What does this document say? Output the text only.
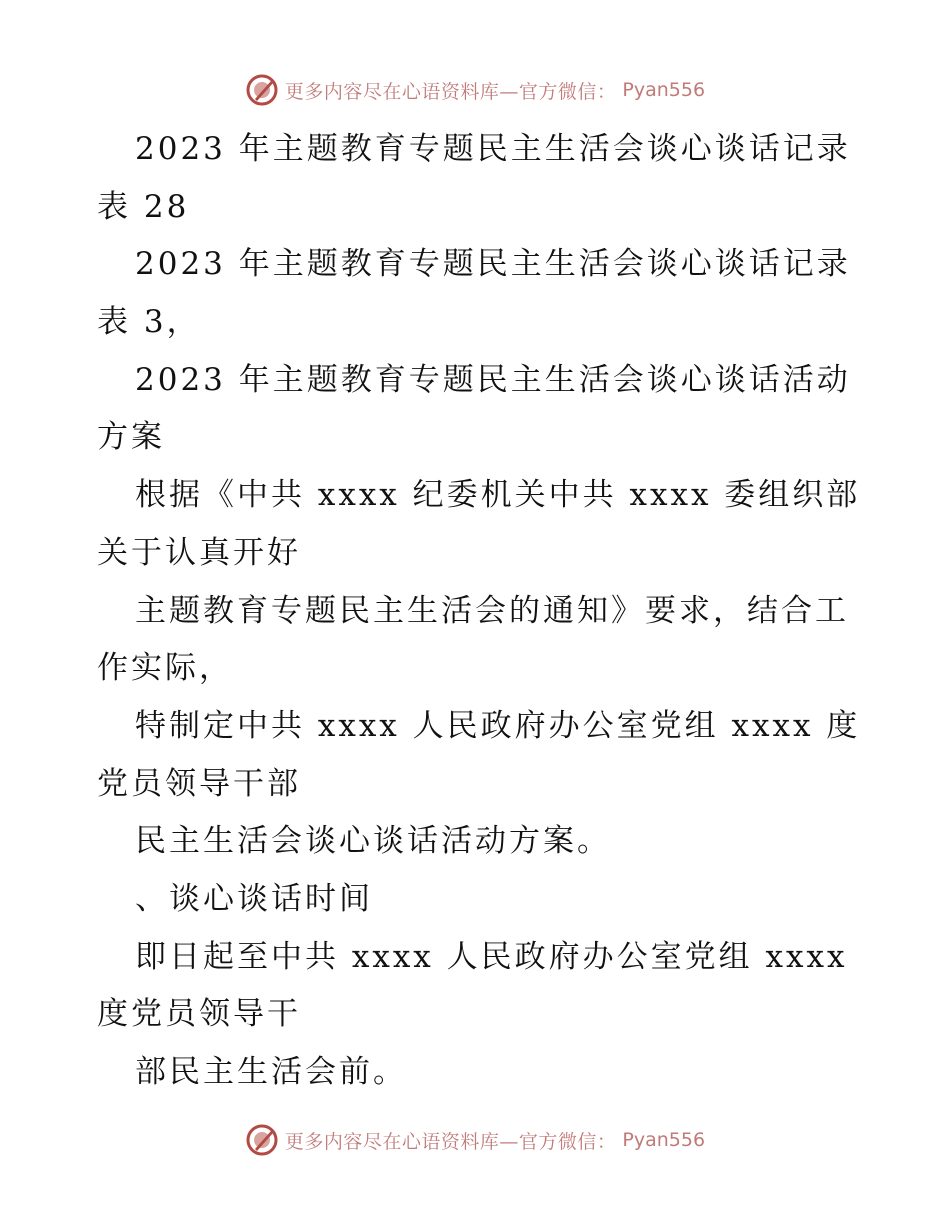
更多内容尽在心语资料库—官方微信： Pyan556
2023 年主题教育专题民主生活会谈心谈话记录
表 28
2023 年主题教育专题民主生活会谈心谈话记录
表 3，
2023 年主题教育专题民主生活会谈心谈话活动
方案
根据《中共 xxxx 纪委机关中共 xxxx 委组织部
关于认真开好
主题教育专题民主生活会的通知》要求，结合工
作实际，
特制定中共 xxxx 人民政府办公室党组 xxxx 度
党员领导干部
民主生活会谈心谈话活动方案。
、谈心谈话时间
即日起至中共 xxxx 人民政府办公室党组 xxxx
度党员领导干
部民主生活会前。
更多内容尽在心语资料库—官方微信： Pyan556
